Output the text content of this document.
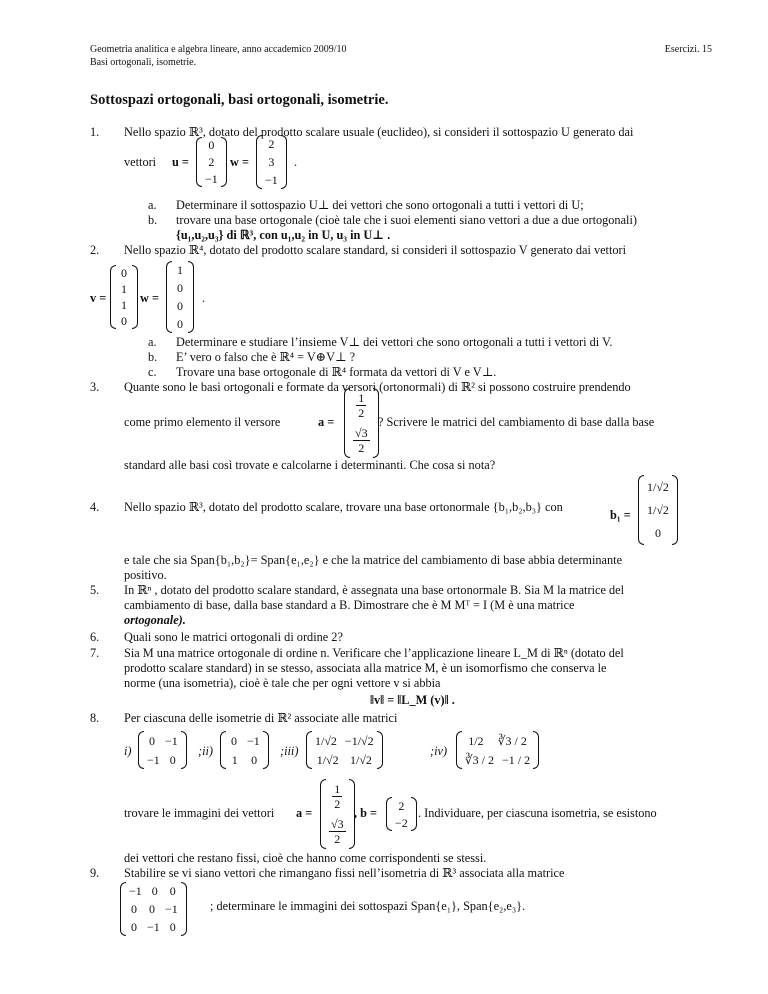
Geometria analitica e algebra lineare, anno accademico 2009/10
Basi ortogonali, isometrie.
Esercizi. 15
Sottospazi ortogonali, basi ortogonali, isometrie.
1. Nello spazio ℝ³, dotato del prodotto scalare usuale (euclideo), si consideri il sottospazio U generato dai
vettori u =
0
2
−1
w =
2
3
−1
.
a. Determinare il sottospazio U⊥ dei vettori che sono ortogonali a tutti i vettori di U;
b. trovare una base ortogonale (cioè tale che i suoi elementi siano vettori a due a due ortogonali)
{u₁,u₂,u₃} di ℝ³, con u₁,u₂ in U, u₃ in U⊥ .
2. Nello spazio ℝ⁴, dotato del prodotto scalare standard, si consideri il sottospazio V generato dai vettori
v =
0
1
1
0
w =
1
0
0
0
.
a. Determinare e studiare l’insieme V⊥ dei vettori che sono ortogonali a tutti i vettori di V.
b. E’ vero o falso che è ℝ⁴ = V⊕V⊥ ?
c. Trovare una base ortogonale di ℝ⁴ formata da vettori di V e V⊥.
3. Quante sono le basi ortogonali e formate da versori (ortonormali) di ℝ² si possono costruire prendendo
come primo elemento il versore	a =
$\frac{1}{2}$
$\frac{√3}{2}$
? Scrivere le matrici del cambiamento di base dalla base
standard alle basi così trovate e calcolarne i determinanti. Che cosa si nota?
4. Nello spazio ℝ³, dotato del prodotto scalare, trovare una base ortonormale {b₁,b₂,b₃} con
b₁ =
1/√2
1/√2
0
e tale che sia Span{b₁,b₂}= Span{e₁,e₂} e che la matrice del cambiamento di base abbia determinante
positivo.
5. In ℝⁿ , dotato del prodotto scalare standard, è assegnata una base ortonormale B. Sia M la matrice del
cambiamento di base, dalla base standard a B. Dimostrare che è M Mᵀ = I (M è una matrice
ortogonale).
6. Quali sono le matrici ortogonali di ordine 2?
7. Sia M una matrice ortogonale di ordine n. Verificare che l’applicazione lineare L_M di ℝⁿ (dotato del
prodotto scalare standard) in se stesso, associata alla matrice M, è un isomorfismo che conserva le
norme (una isometria), cioè è tale che per ogni vettore v si abbia
‖v‖ = ‖L_M (v)‖ .
8. Per ciascuna delle isometrie di ℝ² associate alle matrici
i)
0 −1
−1 0
;ii)
0 −1
1 0
;iii)
1/√2 −1/√2
1/√2 1/√2
;iv)
1/2 ∛3 / 2
∛3 / 2 −1 / 2
trovare le immagini dei vettori a =
$\frac{1}{2}$
$\frac{√3}{2}$
, b =
2
−2
. Individuare, per ciascuna isometria, se esistono
dei vettori che restano fissi, cioè che hanno come corrispondenti se stessi.
9. Stabilire se vi siano vettori che rimangano fissi nell’isometria di ℝ³ associata alla matrice
−1 0 0
0 0 −1
0 −1 0
; determinare le immagini dei sottospazi Span{e₁}, Span{e₂,e₃}.
